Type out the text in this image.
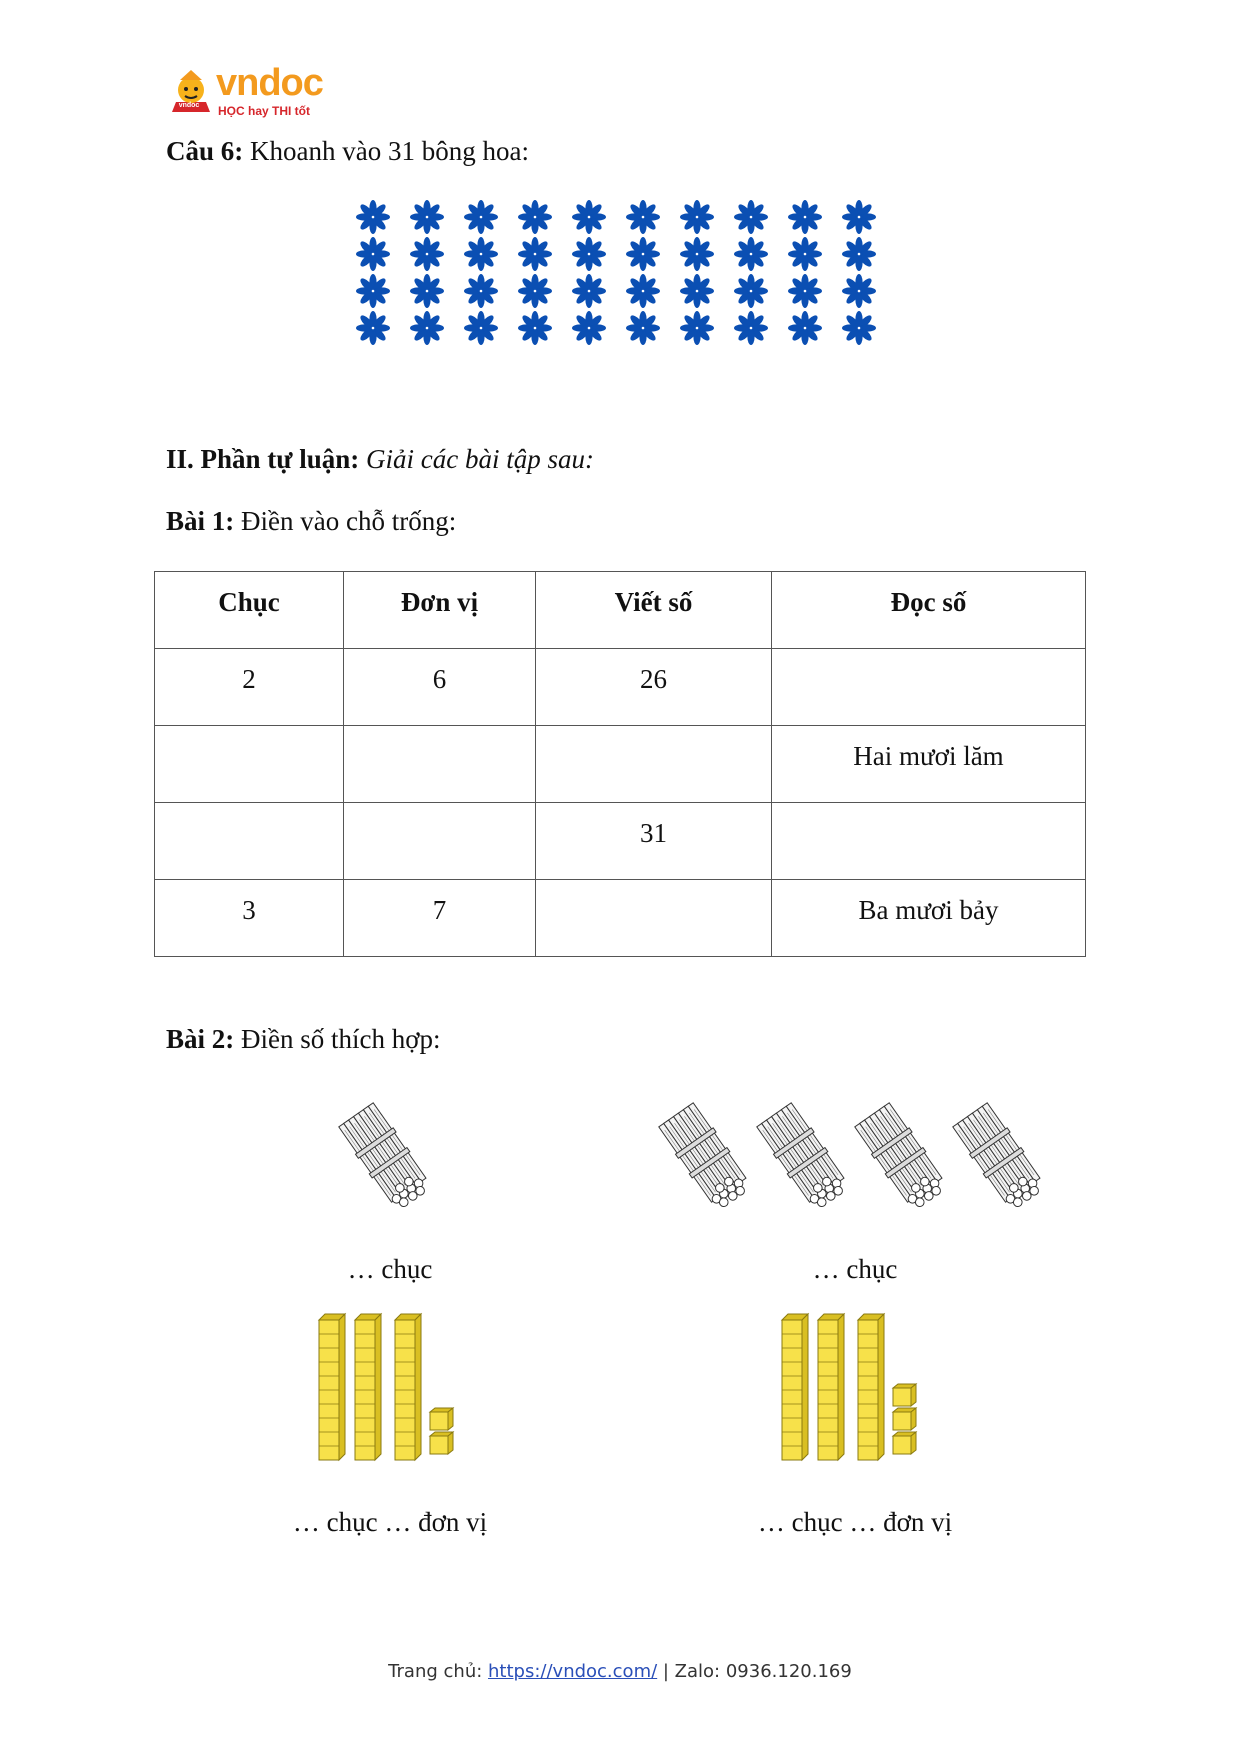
vndoc
vndoc
HỌC hay THI tốt
Câu 6: Khoanh vào 31 bông hoa:
II. Phần tự luận: Giải các bài tập sau:
Bài 1: Điền vào chỗ trống:
Chục	Đơn vị	Viết số	Đọc số
2	6	26	
			Hai mươi lăm
		31	
3	7		Ba mươi bảy
Bài 2: Điền số thích hợp:
… chục	… chục
… chục … đơn vị	… chục … đơn vị
Trang chủ: https://vndoc.com/ | Zalo: 0936.120.169
